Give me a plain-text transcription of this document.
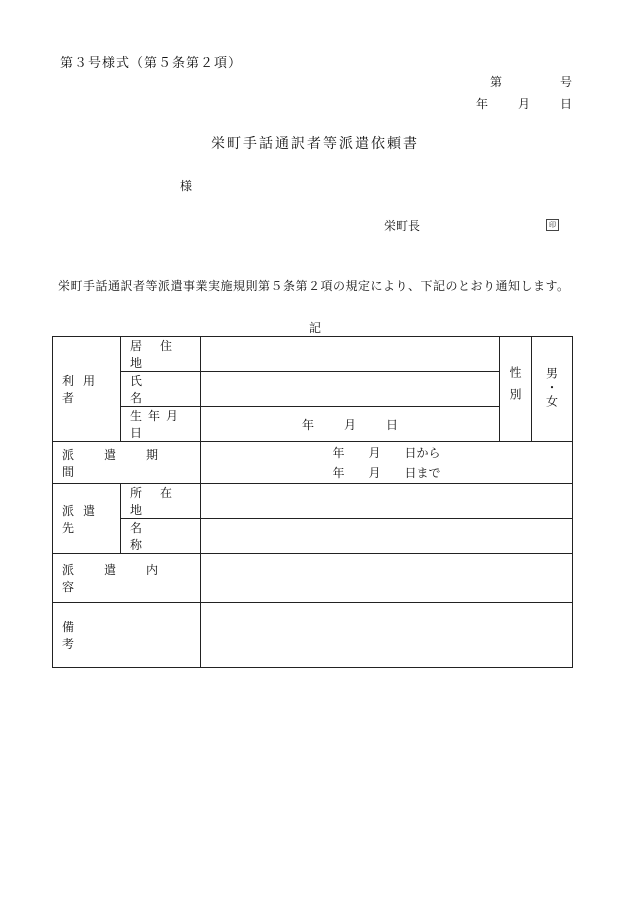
第３号様式（第５条第２項）
第	号
年	月	日
栄町手話通訳者等派遣依頼書
様
栄町長	印
栄町手話通訳者等派遣事業実施規則第５条第２項の規定により、下記のとおり通知します。
記
利用者	居住地		性別	男・女

	氏名			

	生年月日	年 月 日		

派遣期間		年　　月　　日から
年　　月　　日まで		

派遣先	所在地			

	名称			

派遣内容				

備考				
